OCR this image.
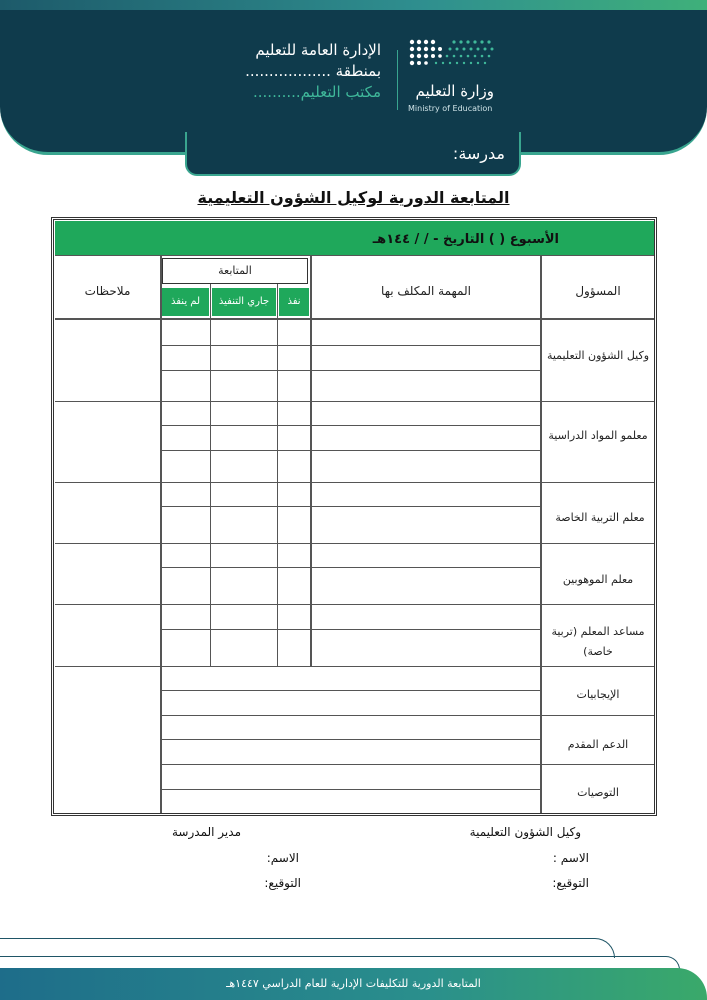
وزارة التعليم
Ministry of Education
الإدارة العامة للتعليم
بمنطقة ..................
مكتب التعليم..........
مدرسة:
المتابعة الدورية لوكيل الشؤون التعليمية
الأسبوع ( ) التاريخ - / / ١٤٤هـ
المسؤول
المهمة المكلف بها
ملاحظات
المتابعة
نفذ
جاري التنفيذ
لم ينفذ
وكيل الشؤون التعليمية
معلمو المواد الدراسية
معلم التربية الخاصة
معلم الموهوبين
مساعد المعلم (تربية خاصة)
الإيجابيات
الدعم المقدم
التوصيات
وكيل الشؤون التعليمية
الاسم :
التوقيع:
مدير المدرسة
الاسم:
التوقيع:
المتابعة الدورية للتكليفات الإدارية للعام الدراسي ١٤٤٧هـ
